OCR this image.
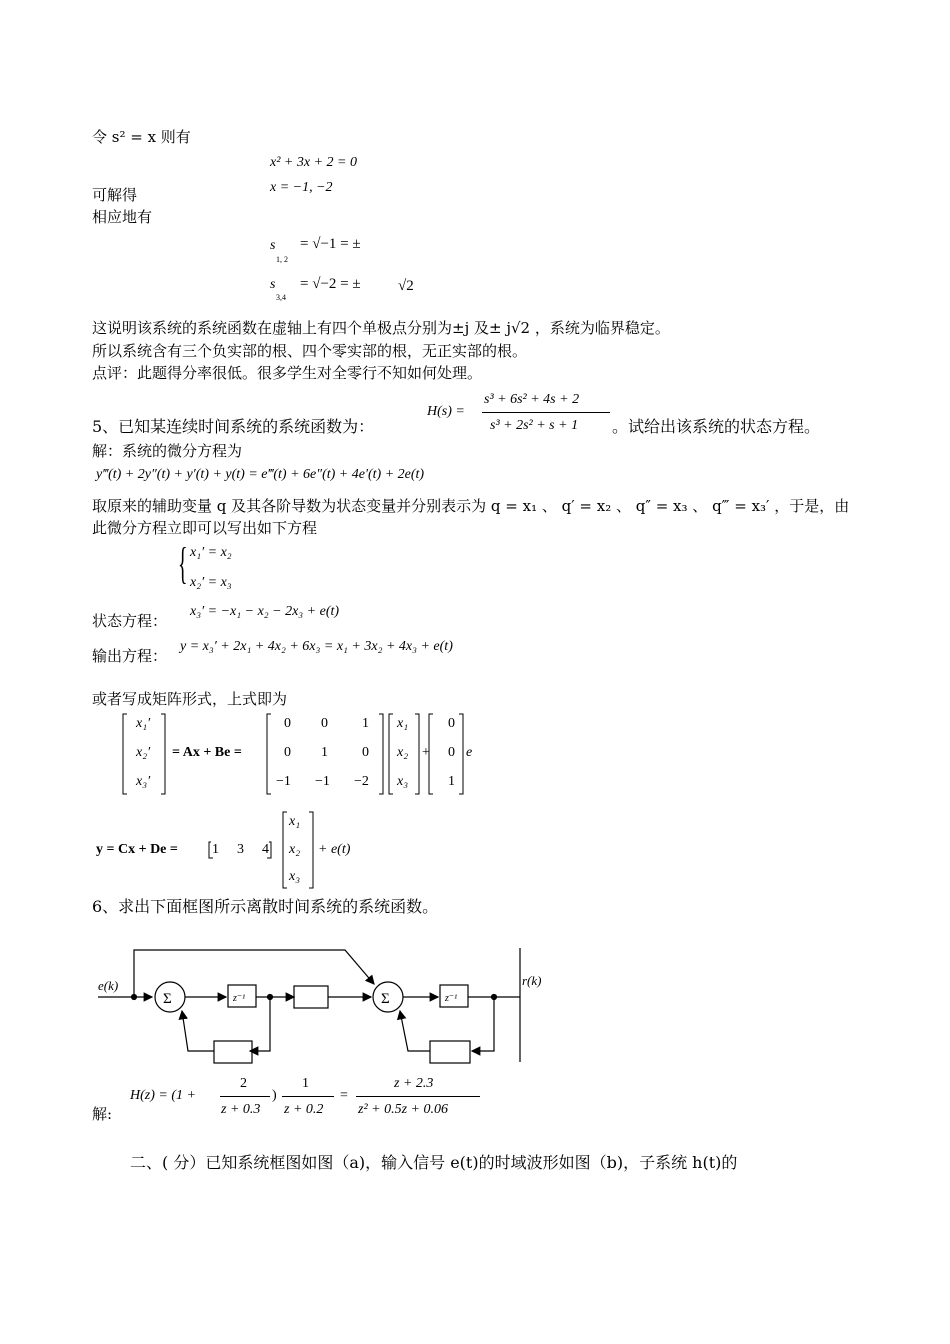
令 s² = x 则有
x² + 3x + 2 = 0
可解得	x = −1, −2
相应地有
s
1, 2
= √−1 = ±
s
3,4
= √−2 = ± √2
这说明该系统的系统函数在虚轴上有四个单极点分别为±j 及± j√2 ，系统为临界稳定。
所以系统含有三个负实部的根、四个零实部的根，无正实部的根。
点评：此题得分率很低。很多学生对全零行不知如何处理。
5、已知某连续时间系统的系统函数为：
H(s) =
s³ + 6s² + 4s + 2
s³ + 2s² + s + 1 。试给出该系统的状态方程。
解：系统的微分方程为
y‴(t) + 2y″(t) + y′(t) + y(t) = e‴(t) + 6e″(t) + 4e′(t) + 2e(t)
取原来的辅助变量 q 及其各阶导数为状态变量并分别表示为 q = x₁ 、 q′ = x₂ 、 q″ = x₃ 、 q‴ = x₃′ ，于是，由
此微分方程立即可以写出如下方程
{ x₁′ = x₂
x₂′ = x₃
状态方程：
x₃′ = −x₁ − x₂ − 2x₃ + e(t)
输出方程：
y = x₃′ + 2x₁ + 4x₂ + 6x₃ = x₁ + 3x₂ + 4x₃ + e(t)
或者写成矩阵形式，上式即为
x₁′
x₂′
x₃′
= Ax + Be =
0 0 1
0 1 0
−1 −1 −2
x₁
x₂
x₃
+
0
0
1
e
y = Cx + De = 1 3 4
x₁
x₂
x₃
+ e(t)
6、求出下面框图所示离散时间系统的系统函数。
e(k)	r(k)
Σ	Σ
z⁻¹	z⁻¹
解:
H(z) = (1 +
2
z + 0.3
)
1
z + 0.2
=
z + 2.3
z² + 0.5z + 0.06
二、( 分）已知系统框图如图（a)，输入信号 e(t)的时域波形如图（b)，子系统 h(t)的
